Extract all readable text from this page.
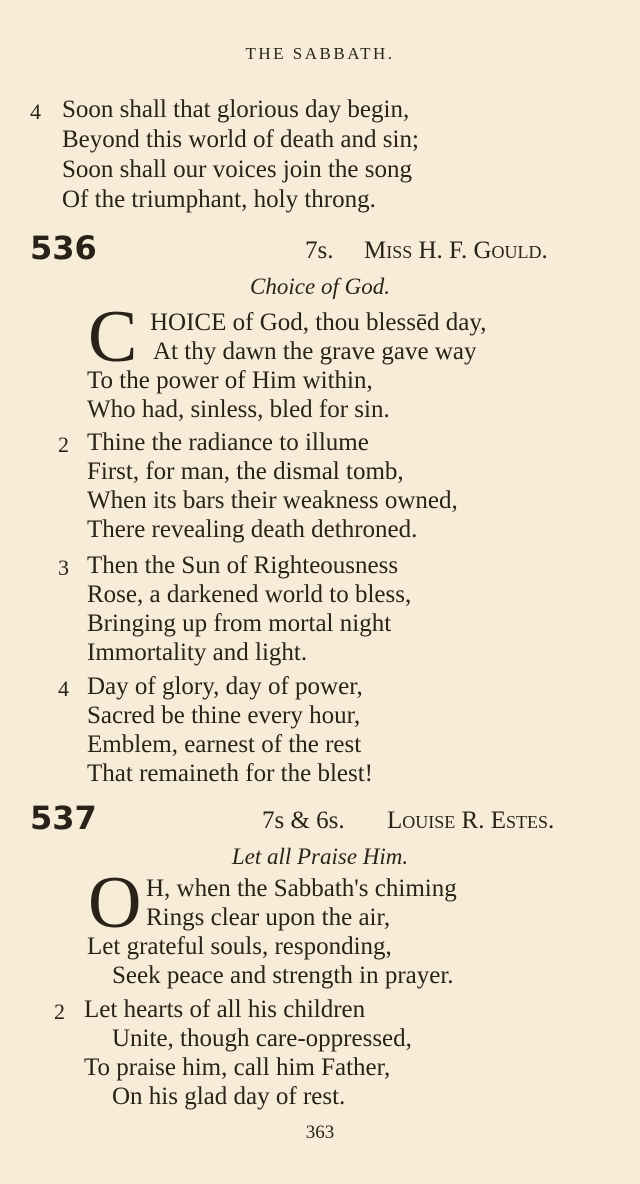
THE SABBATH.
4 Soon shall that glorious day begin,
Beyond this world of death and sin;
Soon shall our voices join the song
Of the triumphant, holy throng.
536	7s. Miss H. F. Gould.
Choice of God.
C HOICE of God, thou blessēd day,
At thy dawn the grave gave way
To the power of Him within,
Who had, sinless, bled for sin.
2 Thine the radiance to illume
First, for man, the dismal tomb,
When its bars their weakness owned,
There revealing death dethroned.
3 Then the Sun of Righteousness
Rose, a darkened world to bless,
Bringing up from mortal night
Immortality and light.
4 Day of glory, day of power,
Sacred be thine every hour,
Emblem, earnest of the rest
That remaineth for the blest!
537	7s & 6s. Louise R. Estes.
Let all Praise Him.
O H, when the Sabbath's chiming
Rings clear upon the air,
Let grateful souls, responding,
Seek peace and strength in prayer.
2 Let hearts of all his children
Unite, though care-oppressed,
To praise him, call him Father,
On his glad day of rest.
363
